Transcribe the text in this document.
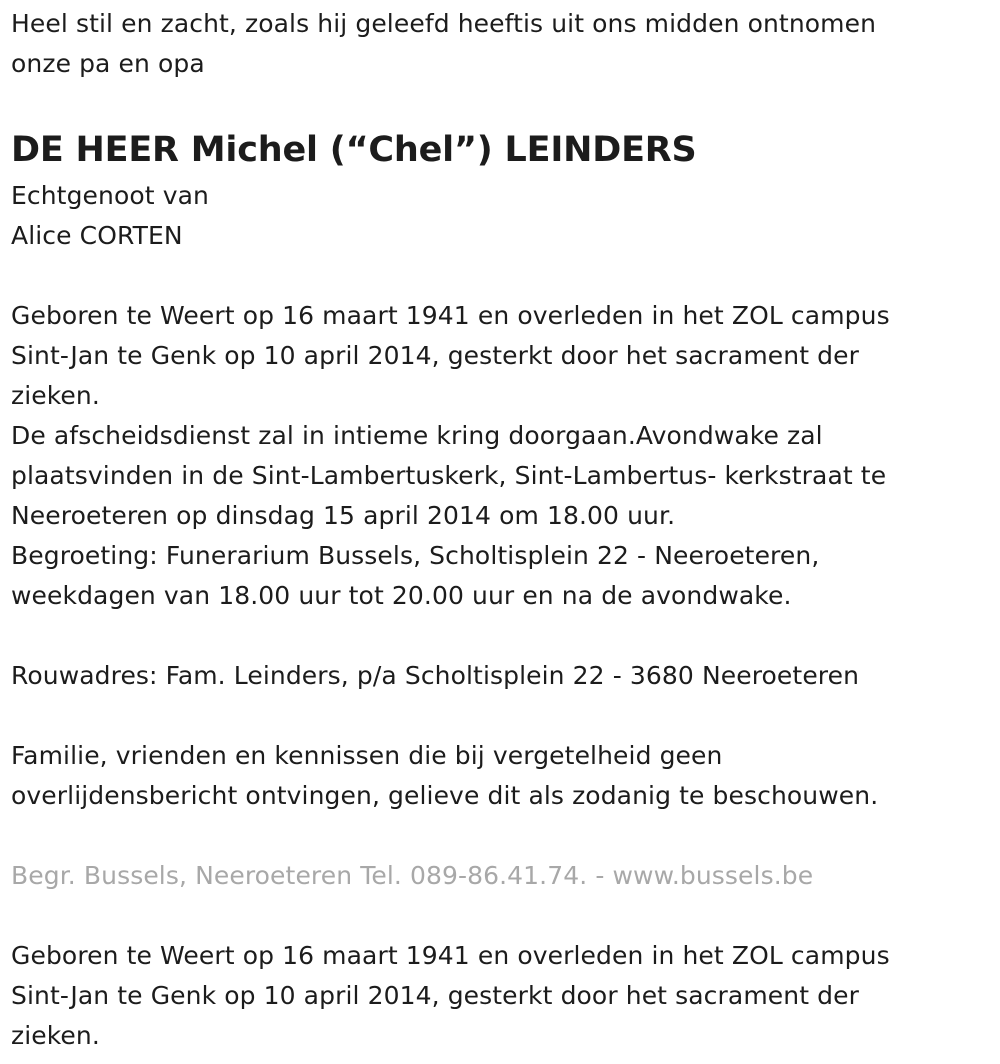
Heel stil en zacht, zoals hij geleefd heeftis uit ons midden ontnomen
onze pa en opa
DE HEER Michel (“Chel”) LEINDERS
Echtgenoot van
Alice CORTEN
Geboren te Weert op 16 maart 1941 en overleden in het ZOL campus
Sint-Jan te Genk op 10 april 2014, gesterkt door het sacrament der
zieken.
De afscheidsdienst zal in intieme kring doorgaan.Avondwake zal
plaatsvinden in de Sint-Lambertuskerk, Sint-Lambertus- kerkstraat te
Neeroeteren op dinsdag 15 april 2014 om 18.00 uur.
Begroeting: Funerarium Bussels, Scholtisplein 22 - Neeroeteren,
weekdagen van 18.00 uur tot 20.00 uur en na de avondwake.
Rouwadres: Fam. Leinders, p/a Scholtisplein 22 - 3680 Neeroeteren
Familie, vrienden en kennissen die bij vergetelheid geen
overlijdensbericht ontvingen, gelieve dit als zodanig te beschouwen.
Begr. Bussels, Neeroeteren Tel. 089-86.41.74. - www.bussels.be
Geboren te Weert op 16 maart 1941 en overleden in het ZOL campus
Sint-Jan te Genk op 10 april 2014, gesterkt door het sacrament der
zieken.
